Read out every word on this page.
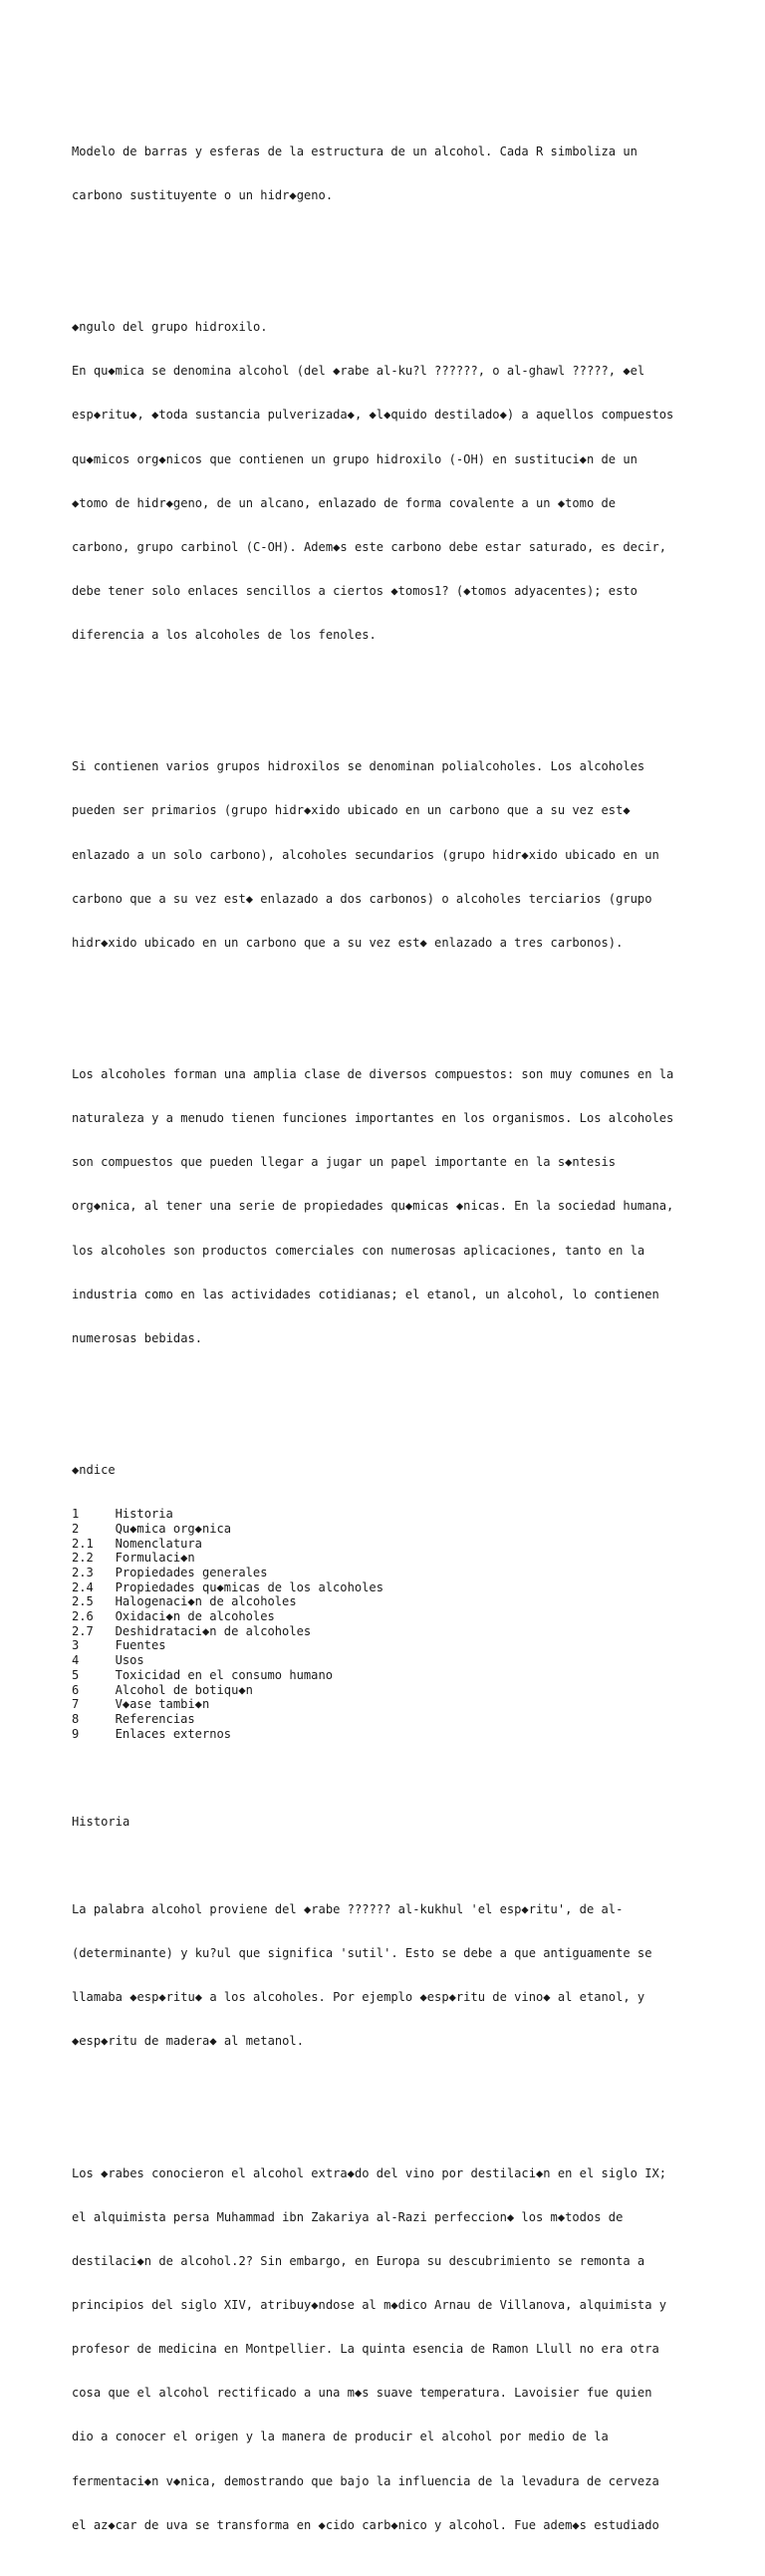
Modelo de barras y esferas de la estructura de un alcohol. Cada R simboliza un

carbono sustituyente o un hidr◆geno.

◆ngulo del grupo hidroxilo.

En qu◆mica se denomina alcohol (del ◆rabe al-ku?l ??????, o al-ghawl ?????, ◆el

esp◆ritu◆, ◆toda sustancia pulverizada◆, ◆l◆quido destilado◆) a aquellos compuestos

qu◆micos org◆nicos que contienen un grupo hidroxilo (-OH) en sustituci◆n de un

◆tomo de hidr◆geno, de un alcano, enlazado de forma covalente a un ◆tomo de

carbono, grupo carbinol (C-OH). Adem◆s este carbono debe estar saturado, es decir,

debe tener solo enlaces sencillos a ciertos ◆tomos1? (◆tomos adyacentes); esto

diferencia a los alcoholes de los fenoles.

Si contienen varios grupos hidroxilos se denominan polialcoholes. Los alcoholes

pueden ser primarios (grupo hidr◆xido ubicado en un carbono que a su vez est◆

enlazado a un solo carbono), alcoholes secundarios (grupo hidr◆xido ubicado en un

carbono que a su vez est◆ enlazado a dos carbonos) o alcoholes terciarios (grupo

hidr◆xido ubicado en un carbono que a su vez est◆ enlazado a tres carbonos).

Los alcoholes forman una amplia clase de diversos compuestos: son muy comunes en la

naturaleza y a menudo tienen funciones importantes en los organismos. Los alcoholes

son compuestos que pueden llegar a jugar un papel importante en la s◆ntesis

org◆nica, al tener una serie de propiedades qu◆micas ◆nicas. En la sociedad humana,

los alcoholes son productos comerciales con numerosas aplicaciones, tanto en la

industria como en las actividades cotidianas; el etanol, un alcohol, lo contienen

numerosas bebidas.

◆ndice

1	Historia
2	Qu◆mica org◆nica
2.1 Nomenclatura
2.2 Formulaci◆n
2.3 Propiedades generales
2.4 Propiedades qu◆micas de los alcoholes
2.5 Halogenaci◆n de alcoholes
2.6 Oxidaci◆n de alcoholes
2.7 Deshidrataci◆n de alcoholes
3	Fuentes
4	Usos
5	Toxicidad en el consumo humano
6	Alcohol de botiqu◆n
7	V◆ase tambi◆n
8	Referencias
9	Enlaces externos

Historia

La palabra alcohol proviene del ◆rabe ?????? al-kukhul 'el esp◆ritu', de al-

(determinante) y ku?ul que significa 'sutil'. Esto se debe a que antiguamente se

llamaba ◆esp◆ritu◆ a los alcoholes. Por ejemplo ◆esp◆ritu de vino◆ al etanol, y

◆esp◆ritu de madera◆ al metanol.

Los ◆rabes conocieron el alcohol extra◆do del vino por destilaci◆n en el siglo IX;

el alquimista persa Muhammad ibn Zakariya al-Razi perfeccion◆ los m◆todos de

destilaci◆n de alcohol.2? Sin embargo, en Europa su descubrimiento se remonta a

principios del siglo XIV, atribuy◆ndose al m◆dico Arnau de Villanova, alquimista y

profesor de medicina en Montpellier. La quinta esencia de Ramon Llull no era otra

cosa que el alcohol rectificado a una m◆s suave temperatura. Lavoisier fue quien

dio a conocer el origen y la manera de producir el alcohol por medio de la

fermentaci◆n v◆nica, demostrando que bajo la influencia de la levadura de cerveza

el az◆car de uva se transforma en ◆cido carb◆nico y alcohol. Fue adem◆s estudiado
